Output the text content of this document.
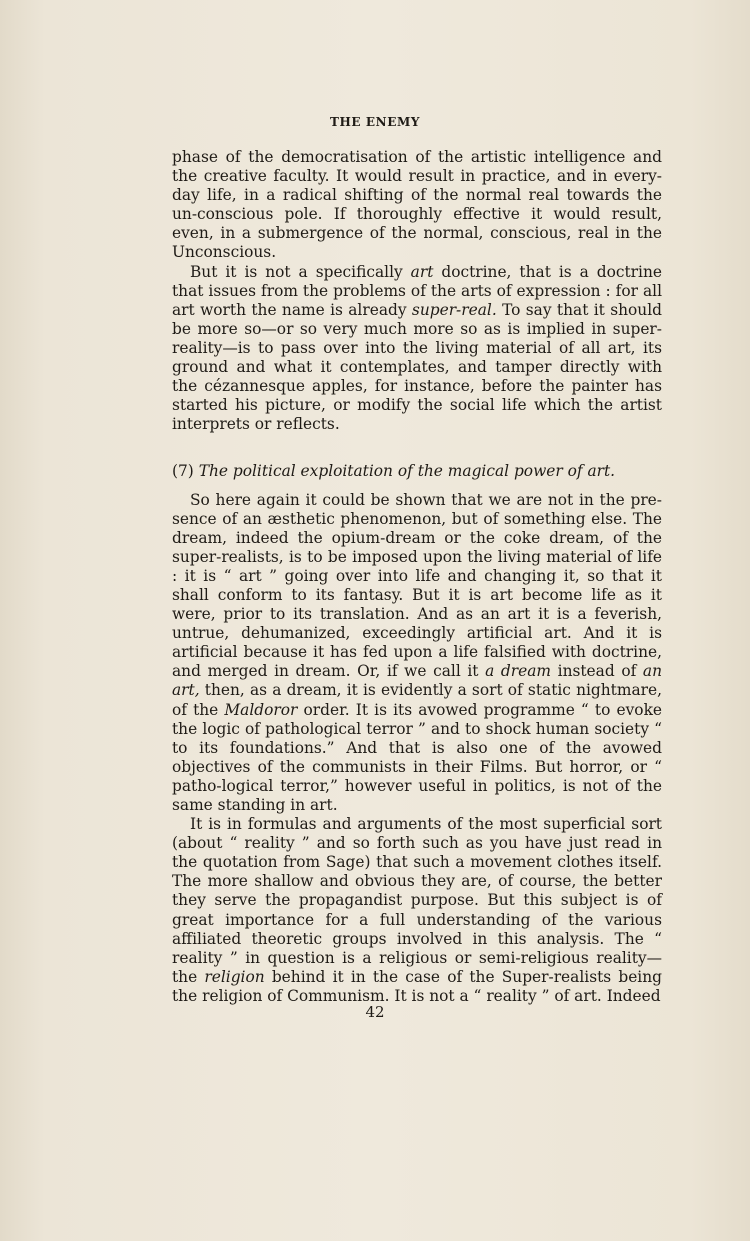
THE ENEMY

phase of the democratisation of the artistic intelligence and the creative faculty. It would result in practice, and in every-day life, in a radical shifting of the normal real towards the un-conscious pole. If thoroughly effective it would result, even, in a submergence of the normal, conscious, real in the Unconscious.

But it is not a specifically art doctrine, that is a doctrine that issues from the problems of the arts of expression : for all art worth the name is already super-real. To say that it should be more so—or so very much more so as is implied in super-reality—is to pass over into the living material of all art, its ground and what it contemplates, and tamper directly with the cézannesque apples, for instance, before the painter has started his picture, or modify the social life which the artist interprets or reflects.

(7) The political exploitation of the magical power of art.

So here again it could be shown that we are not in the pre-sence of an æsthetic phenomenon, but of something else. The dream, indeed the opium-dream or the coke dream, of the super-realists, is to be imposed upon the living material of life : it is “ art ” going over into life and changing it, so that it shall conform to its fantasy. But it is art become life as it were, prior to its translation. And as an art it is a feverish, untrue, dehumanized, exceedingly artificial art. And it is artificial because it has fed upon a life falsified with doctrine, and merged in dream. Or, if we call it a dream instead of an art, then, as a dream, it is evidently a sort of static nightmare, of the Maldoror order. It is its avowed programme “ to evoke the logic of pathological terror ” and to shock human society “ to its foundations.” And that is also one of the avowed objectives of the communists in their Films. But horror, or “ patho-logical terror,” however useful in politics, is not of the same standing in art.

It is in formulas and arguments of the most superficial sort (about “ reality ” and so forth such as you have just read in the quotation from Sage) that such a movement clothes itself. The more shallow and obvious they are, of course, the better they serve the propagandist purpose. But this subject is of great importance for a full understanding of the various affiliated theoretic groups involved in this analysis. The “ reality ” in question is a religious or semi-religious reality—the religion behind it in the case of the Super-realists being the religion of Communism. It is not a “ reality ” of art. Indeed

42
